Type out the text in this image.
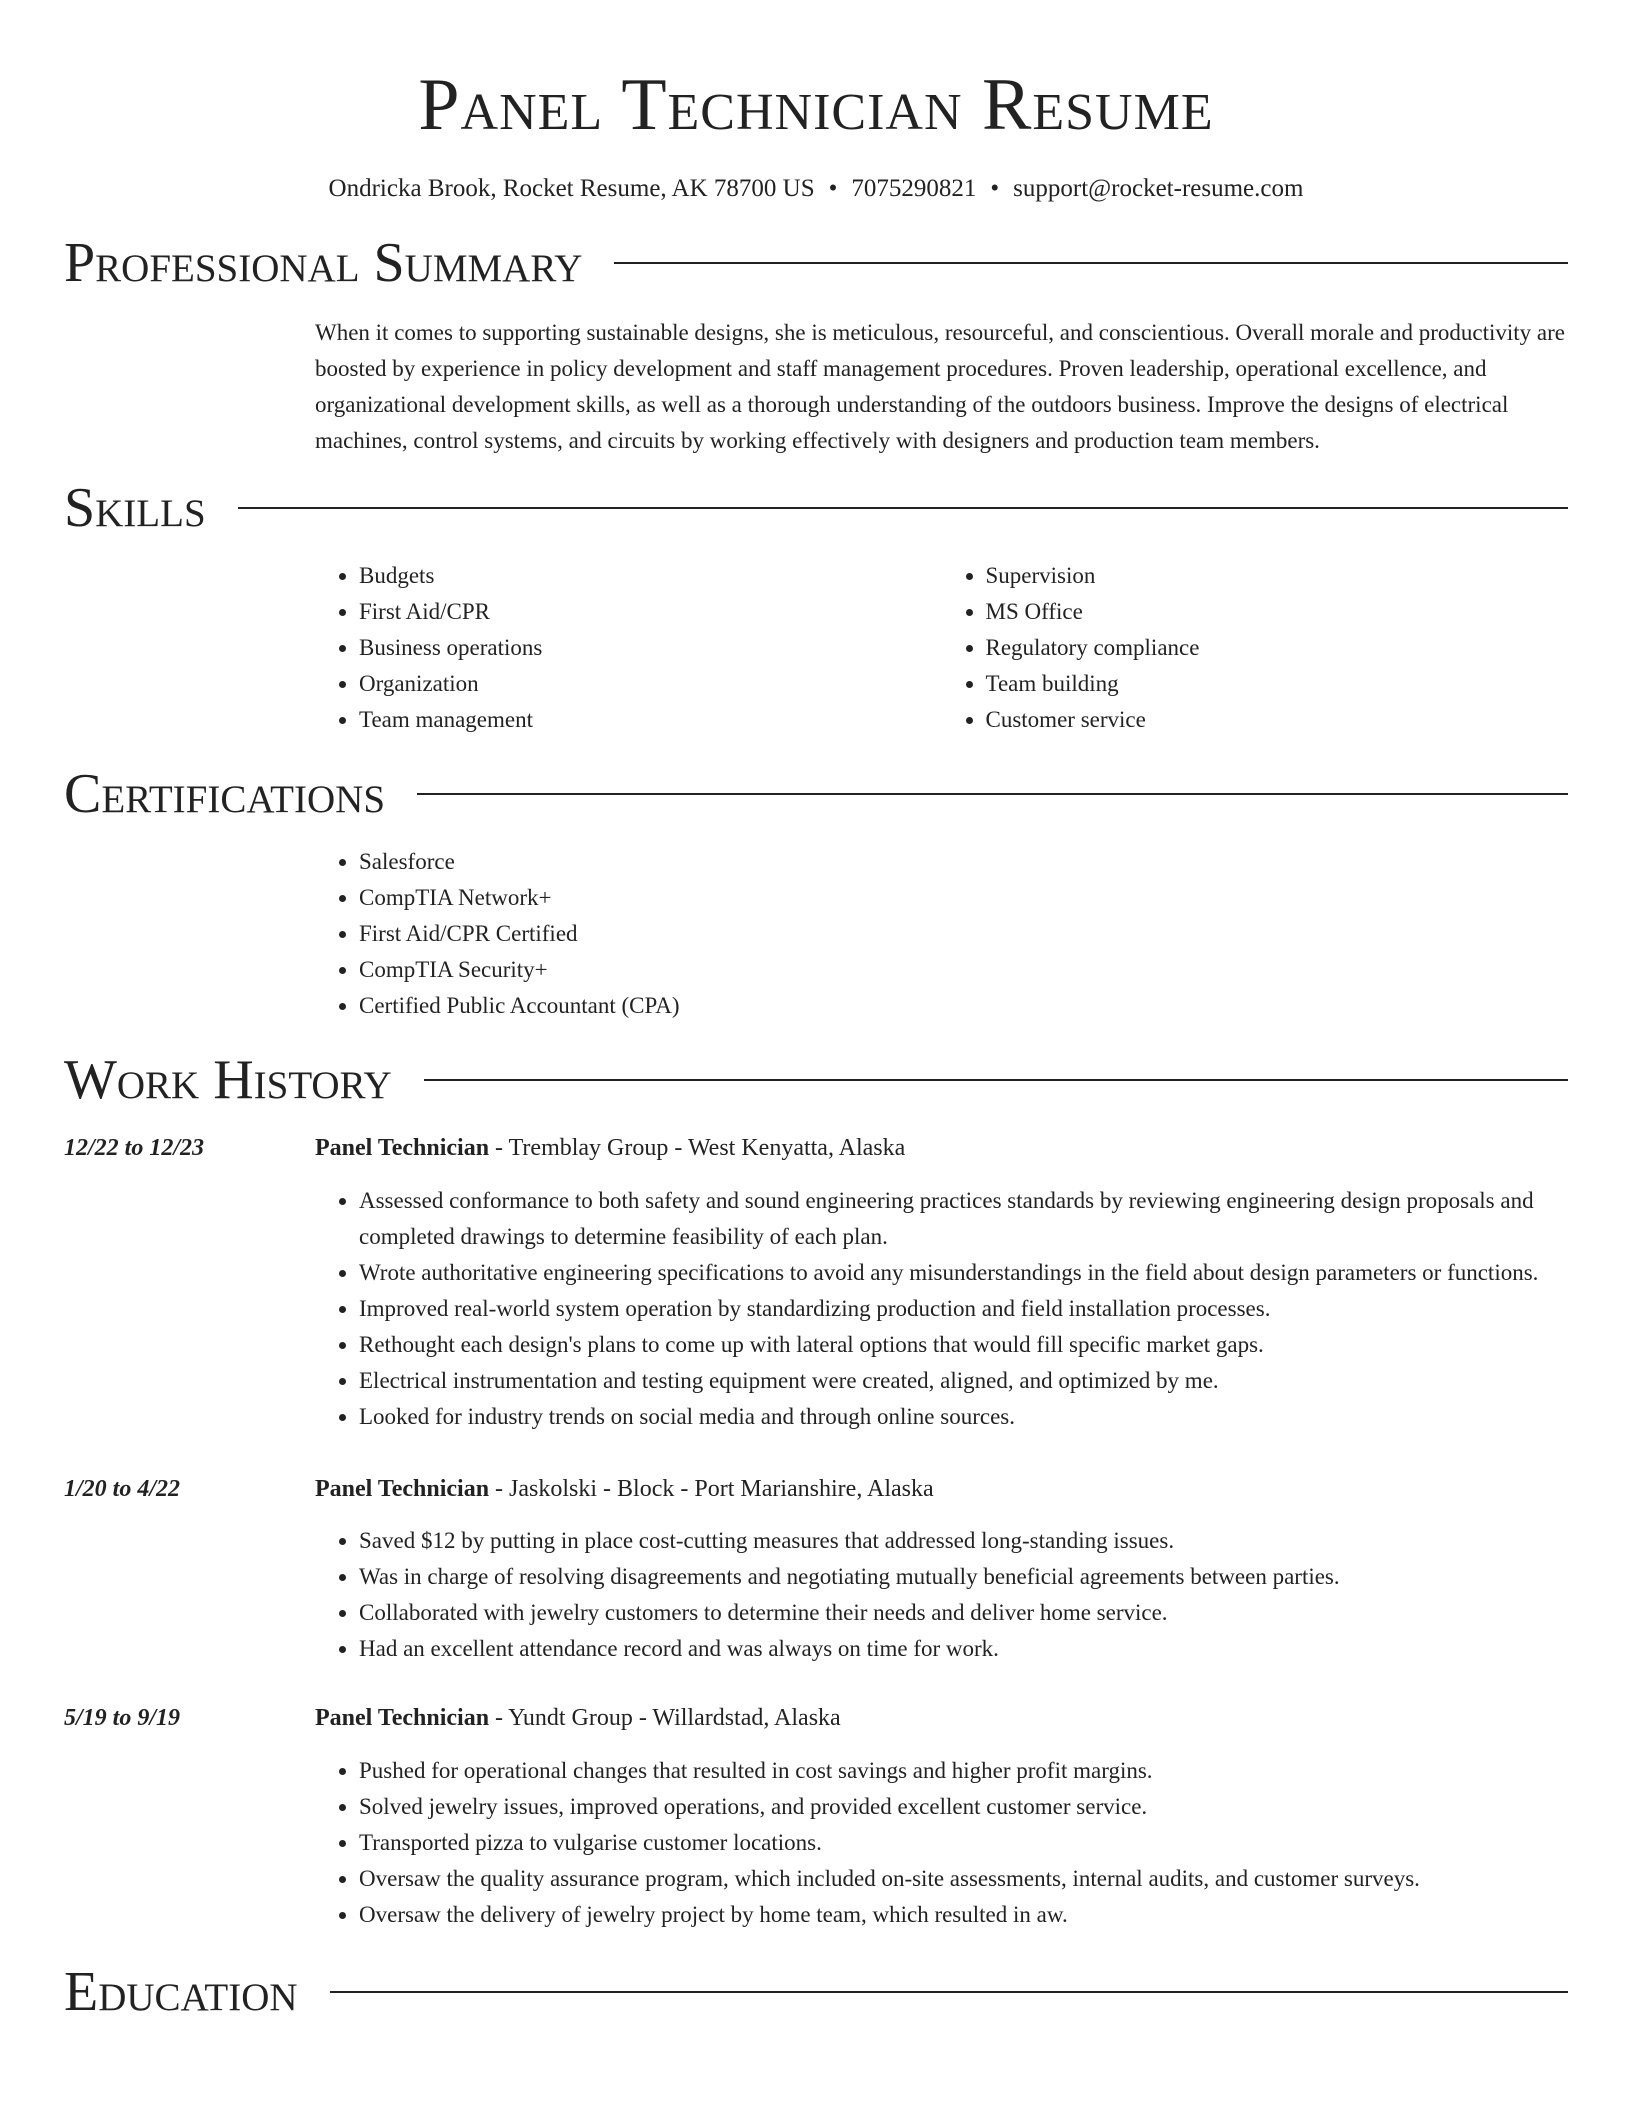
Panel Technician Resume
Ondricka Brook, Rocket Resume, AK 78700 US • 7075290821 • support@rocket-resume.com
Professional Summary

When it comes to supporting sustainable designs, she is meticulous, resourceful, and conscientious. Overall morale and productivity are boosted by experience in policy development and staff management procedures. Proven leadership, operational excellence, and organizational development skills, as well as a thorough understanding of the outdoors business. Improve the designs of electrical machines, control systems, and circuits by working effectively with designers and production team members.

Skills
• Budgets
• First Aid/CPR
• Business operations
• Organization
• Team management
• Supervision
• MS Office
• Regulatory compliance
• Team building
• Customer service
Certifications
• Salesforce
• CompTIA Network+
• First Aid/CPR Certified
• CompTIA Security+
• Certified Public Accountant (CPA)
Work History
12/22 to 12/23	Panel Technician - Tremblay Group - West Kenyatta, Alaska
• Assessed conformance to both safety and sound engineering practices standards by reviewing engineering design proposals and completed drawings to determine feasibility of each plan.
• Wrote authoritative engineering specifications to avoid any misunderstandings in the field about design parameters or functions.
• Improved real-world system operation by standardizing production and field installation processes.
• Rethought each design's plans to come up with lateral options that would fill specific market gaps.
• Electrical instrumentation and testing equipment were created, aligned, and optimized by me.
• Looked for industry trends on social media and through online sources.
1/20 to 4/22	Panel Technician - Jaskolski - Block - Port Marianshire, Alaska
• Saved $12 by putting in place cost-cutting measures that addressed long-standing issues.
• Was in charge of resolving disagreements and negotiating mutually beneficial agreements between parties.
• Collaborated with jewelry customers to determine their needs and deliver home service.
• Had an excellent attendance record and was always on time for work.
5/19 to 9/19	Panel Technician - Yundt Group - Willardstad, Alaska
• Pushed for operational changes that resulted in cost savings and higher profit margins.
• Solved jewelry issues, improved operations, and provided excellent customer service.
• Transported pizza to vulgarise customer locations.
• Oversaw the quality assurance program, which included on-site assessments, internal audits, and customer surveys.
• Oversaw the delivery of jewelry project by home team, which resulted in aw.
Education
